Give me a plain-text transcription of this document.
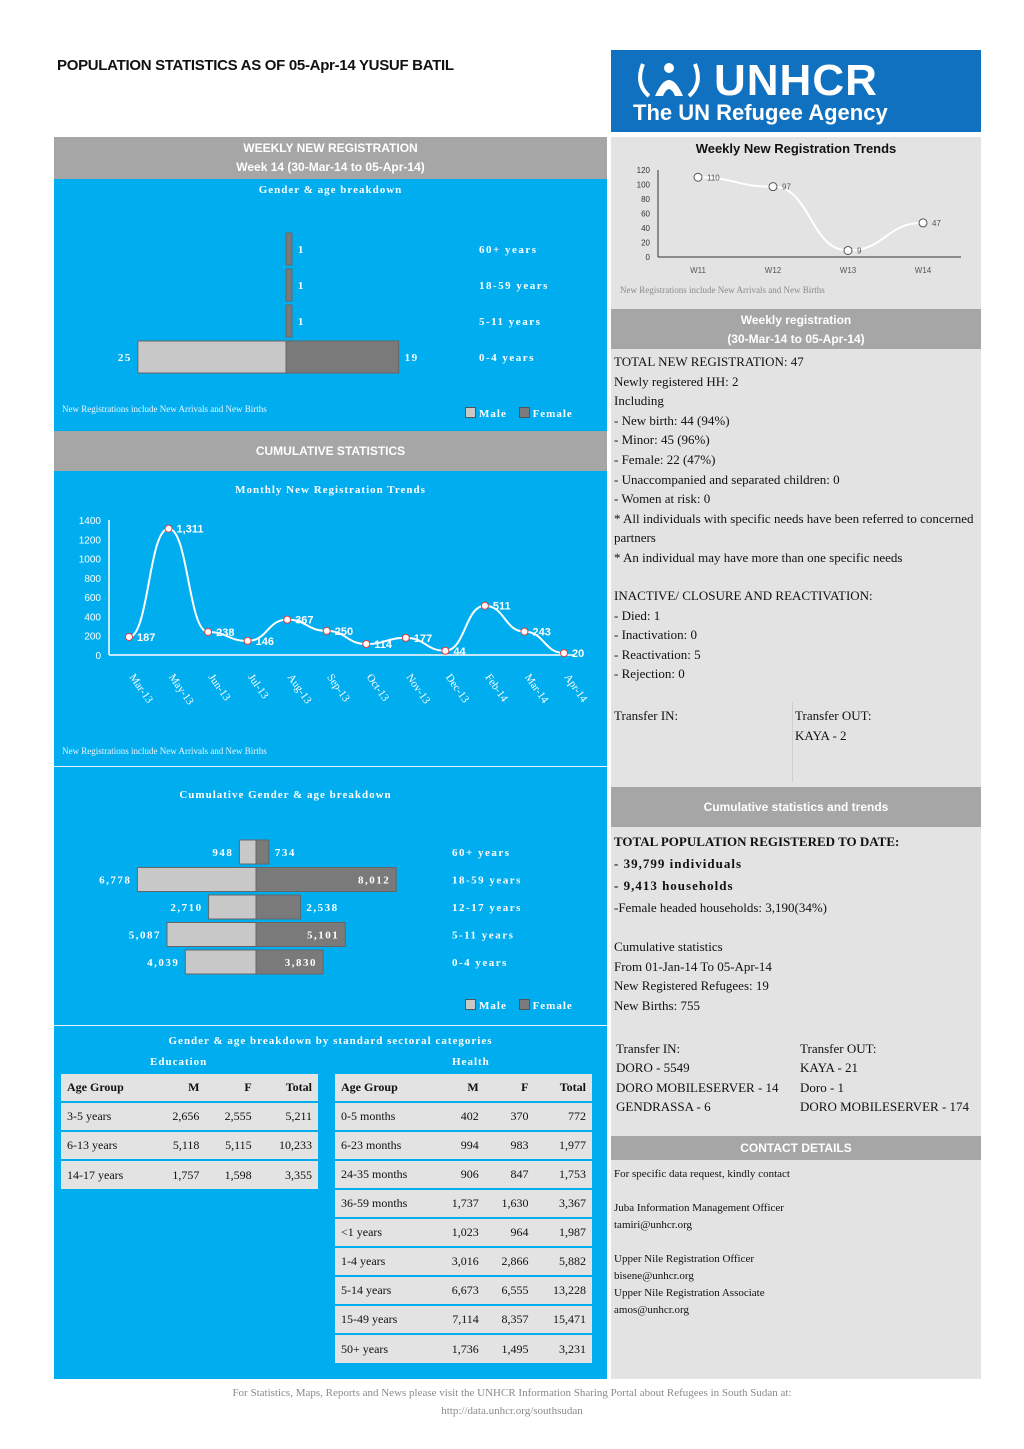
POPULATION STATISTICS AS OF 05-Apr-14 YUSUF BATIL	UNHCR
The UN Refugee Agency
WEEKLY NEW REGISTRATION
Week 14 (30-Mar-14 to 05-Apr-14)
Gender & age breakdown
1	60+ years
1	18-59 years
1	5-11 years
25	19	0-4 years
New Registrations include New Arrivals and New Births	Male Female
CUMULATIVE STATISTICS
Monthly New Registration Trends
0
200
400
600
800
1000
1200
1400
187
Mar-13
1,311
May-13
238
Jun-13
146
Jul-13
367
Aug-13
250
Sep-13
114
Oct-13
177
Nov-13
44
Dec-13
511
Feb-14
243
Mar-14
20
Apr-14
New Registrations include New Arrivals and New Births
Cumulative Gender & age breakdown
948	734	60+ years
6,778	8,012	18-59 years
2,710	2,538	12-17 years
5,087	5,101	5-11 years
4,039	3,830	0-4 years
Male Female
Gender & age breakdown by standard sectoral categories
Education	Health
Age Group	M	F	Total
3-5 years	2,656	2,555	5,211
6-13 years	5,118	5,115	10,233
14-17 years	1,757	1,598	3,355
Age Group	M	F	Total
0-5 months	402	370	772
6-23 months	994	983	1,977
24-35 months	906	847	1,753
36-59 months	1,737	1,630	3,367
<1 years	1,023	964	1,987
1-4 years	3,016	2,866	5,882
5-14 years	6,673	6,555	13,228
15-49 years	7,114	8,357	15,471
50+ years	1,736	1,495	3,231
Weekly New Registration Trends
0
20
40
60
80
100
120
110
W11
97
W12
9
W13
47
W14
New Registrations include New Arrivals and New Births
Weekly registration
(30-Mar-14 to 05-Apr-14)
TOTAL NEW REGISTRATION: 47
Newly registered HH: 2
Including
- New birth: 44 (94%)
- Minor: 45 (96%)
- Female: 22 (47%)
- Unaccompanied and separated children: 0
- Women at risk: 0
* All individuals with specific needs have been referred to concerned partners
* An individual may have more than one specific needs
INACTIVE/ CLOSURE AND REACTIVATION:
- Died: 1
- Inactivation: 0
- Reactivation: 5
- Rejection: 0
Transfer IN:	Transfer OUT:
KAYA - 2
Cumulative statistics and trends
TOTAL POPULATION REGISTERED TO DATE:
- 39,799 individuals
- 9,413 households
-Female headed households: 3,190(34%)
Cumulative statistics
From 01-Jan-14 To 05-Apr-14
New Registered Refugees: 19
New Births: 755
Transfer IN:
DORO - 5549
DORO MOBILESERVER - 14
GENDRASSA - 6
Transfer OUT:
KAYA - 21
Doro - 1
DORO MOBILESERVER - 174
CONTACT DETAILS
For specific data request, kindly contact
Juba Information Management Officer
tamiri@unhcr.org
Upper Nile Registration Officer
bisene@unhcr.org
Upper Nile Registration Associate
amos@unhcr.org
For Statistics, Maps, Reports and News please visit the UNHCR Information Sharing Portal about Refugees in South Sudan at:
http://data.unhcr.org/southsudan
